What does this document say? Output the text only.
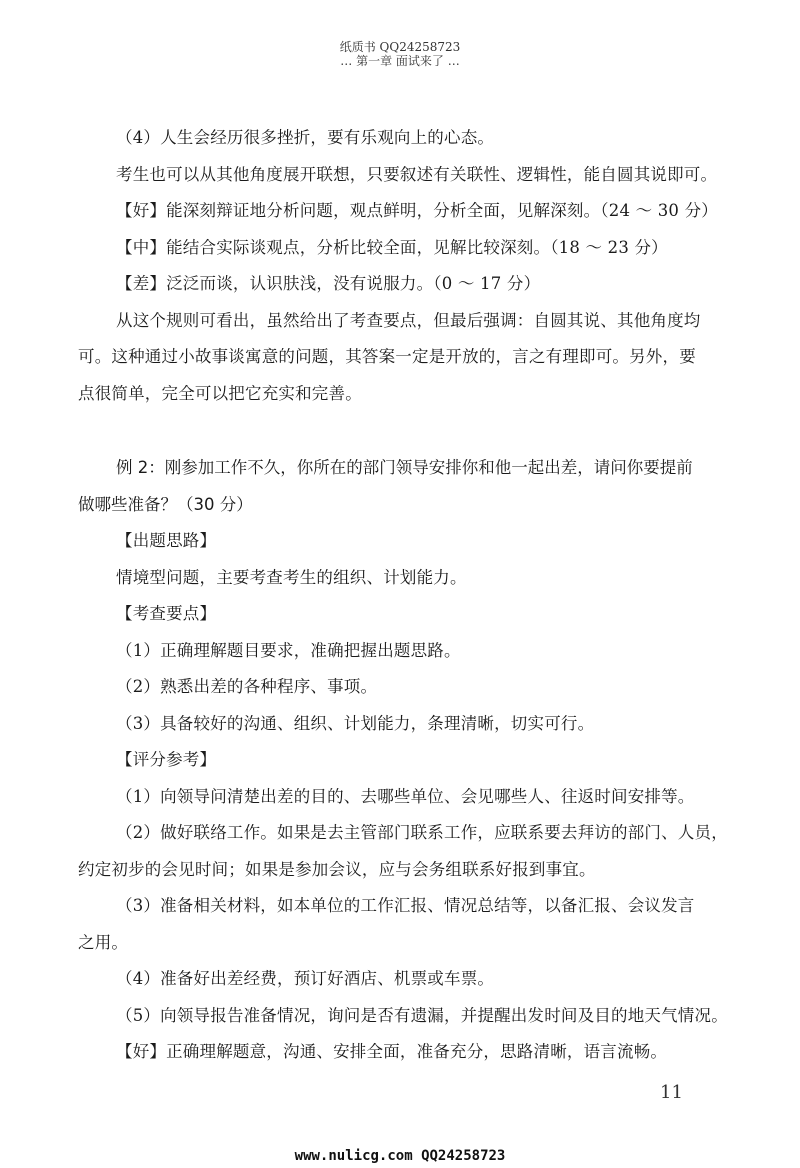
纸质书 QQ24258723
… 第一章 面试来了 …

（4）人生会经历很多挫折，要有乐观向上的心态。

考生也可以从其他角度展开联想，只要叙述有关联性、逻辑性，能自圆其说即可。

【好】能深刻辩证地分析问题，观点鲜明，分析全面，见解深刻。（24 ～ 30 分）

【中】能结合实际谈观点，分析比较全面，见解比较深刻。（18 ～ 23 分）

【差】泛泛而谈，认识肤浅，没有说服力。（0 ～ 17 分）

从这个规则可看出，虽然给出了考查要点，但最后强调：自圆其说、其他角度均

可。这种通过小故事谈寓意的问题，其答案一定是开放的，言之有理即可。另外，要

点很简单，完全可以把它充实和完善。

例 2：刚参加工作不久，你所在的部门领导安排你和他一起出差，请问你要提前

做哪些准备？（30 分）

【出题思路】

情境型问题，主要考查考生的组织、计划能力。

【考查要点】

（1）正确理解题目要求，准确把握出题思路。

（2）熟悉出差的各种程序、事项。

（3）具备较好的沟通、组织、计划能力，条理清晰，切实可行。

【评分参考】

（1）向领导问清楚出差的目的、去哪些单位、会见哪些人、往返时间安排等。

（2）做好联络工作。如果是去主管部门联系工作，应联系要去拜访的部门、人员，

约定初步的会见时间；如果是参加会议，应与会务组联系好报到事宜。

（3）准备相关材料，如本单位的工作汇报、情况总结等，以备汇报、会议发言

之用。

（4）准备好出差经费，预订好酒店、机票或车票。

（5）向领导报告准备情况，询问是否有遗漏，并提醒出发时间及目的地天气情况。

【好】正确理解题意，沟通、安排全面，准备充分，思路清晰，语言流畅。

11
www.nulicg.com QQ24258723
